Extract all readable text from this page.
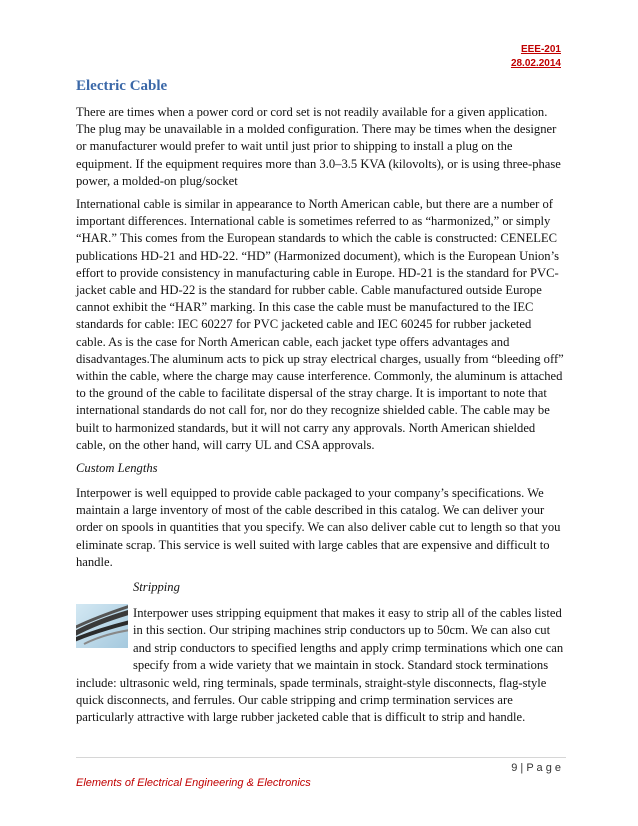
EEE-201
28.02.2014
Electric Cable
There are times when a power cord or cord set is not readily available for a given application.
The plug may be unavailable in a molded configuration. There may be times when the designer
or manufacturer would prefer to wait until just prior to shipping to install a plug on the
equipment. If the equipment requires more than 3.0–3.5 KVA (kilovolts), or is using three-phase
power, a molded-on plug/socket
International cable is similar in appearance to North American cable, but there are a number of
important differences. International cable is sometimes referred to as “harmonized,” or simply
“HAR.” This comes from the European standards to which the cable is constructed: CENELEC
publications HD-21 and HD-22. “HD” (Harmonized document), which is the European Union’s
effort to provide consistency in manufacturing cable in Europe. HD-21 is the standard for PVC-
jacket cable and HD-22 is the standard for rubber cable. Cable manufactured outside Europe
cannot exhibit the “HAR” marking. In this case the cable must be manufactured to the IEC
standards for cable: IEC 60227 for PVC jacketed cable and IEC 60245 for rubber jacketed
cable. As is the case for North American cable, each jacket type offers advantages and
disadvantages.The aluminum acts to pick up stray electrical charges, usually from “bleeding off”
within the cable, where the charge may cause interference. Commonly, the aluminum is attached
to the ground of the cable to facilitate dispersal of the stray charge. It is important to note that
international standards do not call for, nor do they recognize shielded cable. The cable may be
built to harmonized standards, but it will not carry any approvals. North American shielded
cable, on the other hand, will carry UL and CSA approvals.
Interpower is well equipped to provide cable packaged to your company’s specifications. We
maintain a large inventory of most of the cable described in this catalog. We can deliver your
order on spools in quantities that you specify. We can also deliver cable cut to length so that you
eliminate scrap. This service is well suited with large cables that are expensive and difficult to
handle.
Interpower uses stripping equipment that makes it easy to strip all of the cables listed
in this section. Our striping machines strip conductors up to 50cm. We can also cut
and strip conductors to specified lengths and apply crimp terminations which one can
specify from a wide variety that we maintain in stock. Standard stock terminations
include: ultrasonic weld, ring terminals, spade terminals, straight-style disconnects, flag-style
quick disconnects, and ferrules. Our cable stripping and crimp termination services are
particularly attractive with large rubber jacketed cable that is difficult to strip and handle.
Custom Lengths
Stripping
9 | P a g e
Elements of Electrical Engineering & Electronics
